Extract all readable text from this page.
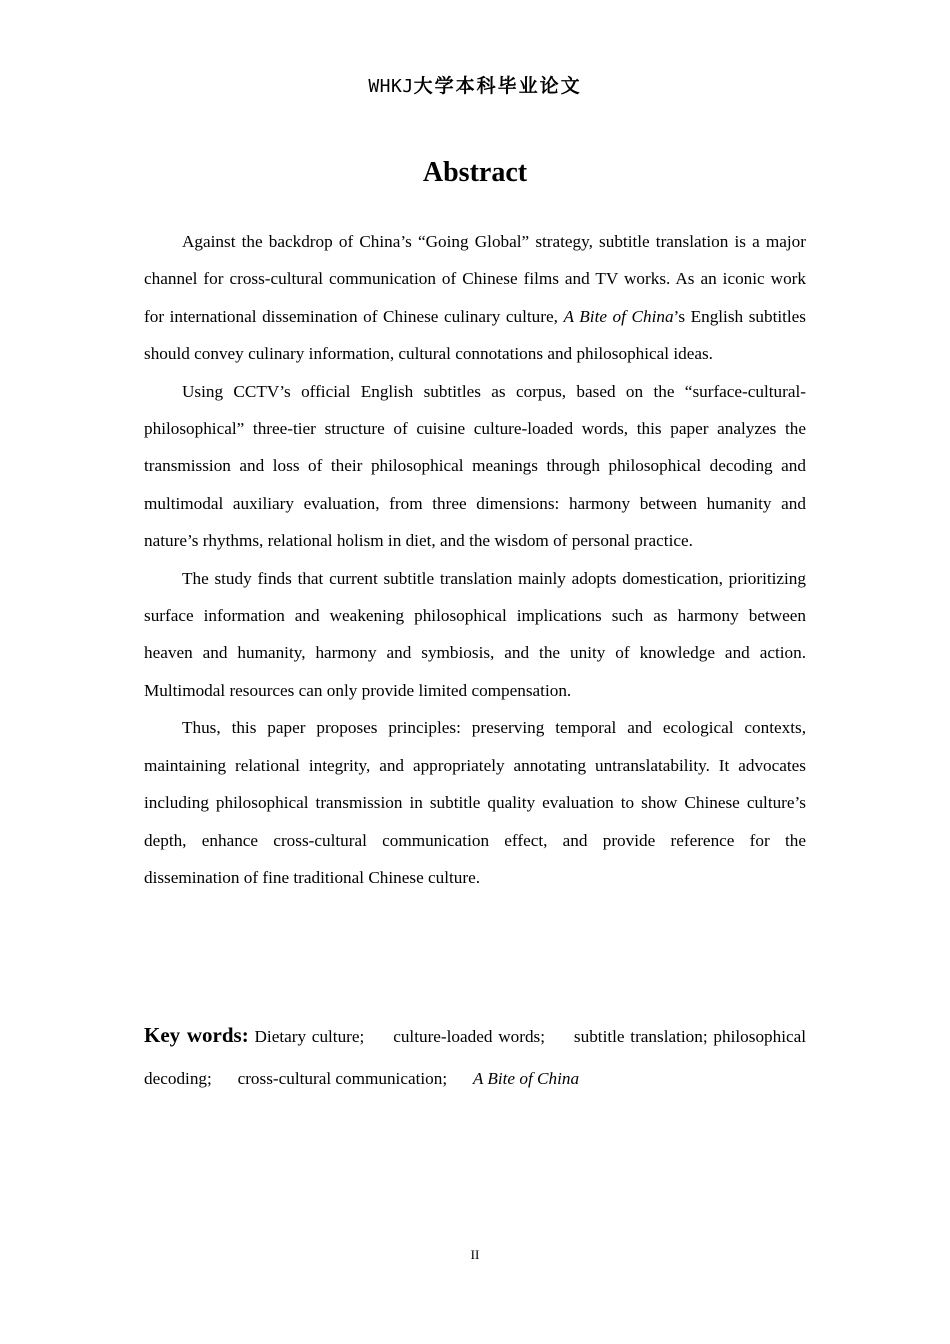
WHKJ大学本科毕业论文
Abstract

Against the backdrop of China’s “Going Global” strategy, subtitle translation is a major channel for cross-cultural communication of Chinese films and TV works. As an iconic work for international dissemination of Chinese culinary culture, A Bite of China’s English subtitles should convey culinary information, cultural connotations and philosophical ideas.

Using CCTV’s official English subtitles as corpus, based on the “surface-cultural-philosophical” three-tier structure of cuisine culture-loaded words, this paper analyzes the transmission and loss of their philosophical meanings through philosophical decoding and multimodal auxiliary evaluation, from three dimensions: harmony between humanity and nature’s rhythms, relational holism in diet, and the wisdom of personal practice.

The study finds that current subtitle translation mainly adopts domestication, prioritizing surface information and weakening philosophical implications such as harmony between heaven and humanity, harmony and symbiosis, and the unity of knowledge and action. Multimodal resources can only provide limited compensation.

Thus, this paper proposes principles: preserving temporal and ecological contexts, maintaining relational integrity, and appropriately annotating untranslatability. It advocates including philosophical transmission in subtitle quality evaluation to show Chinese culture’s depth, enhance cross-cultural communication effect, and provide reference for the dissemination of fine traditional Chinese culture.

Key words: Dietary culture; culture-loaded words; subtitle translation; philosophical decoding; cross-cultural communication; A Bite of China
II
